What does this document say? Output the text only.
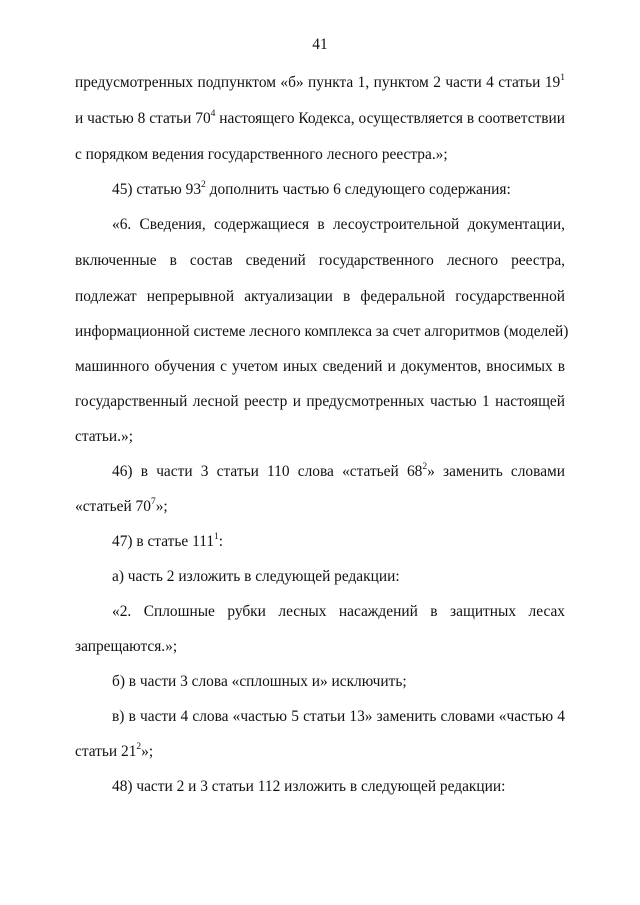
41
предусмотренных подпунктом «б» пункта 1, пунктом 2 части 4 статьи $19^1$
и частью 8 статьи $70^4$ настоящего Кодекса, осуществляется в соответствии
с порядком ведения государственного лесного реестра.»;
45) статью $93^2$ дополнить частью 6 следующего содержания:
«6. Сведения, содержащиеся в лесоустроительной документации,
включенные в состав сведений государственного лесного реестра,
подлежат непрерывной актуализации в федеральной государственной
информационной системе лесного комплекса за счет алгоритмов (моделей)
машинного обучения с учетом иных сведений и документов, вносимых в
государственный лесной реестр и предусмотренных частью 1 настоящей
статьи.»;
46) в части 3 статьи 110 слова «статьей $68^2$» заменить словами
«статьей $70^7$»;
47) в статье $111^1$:
а) часть 2 изложить в следующей редакции:
«2. Сплошные рубки лесных насаждений в защитных лесах
запрещаются.»;
б) в части 3 слова «сплошных и» исключить;
в) в части 4 слова «частью 5 статьи 13» заменить словами «частью 4
статьи $21^2$»;
48) части 2 и 3 статьи 112 изложить в следующей редакции:
